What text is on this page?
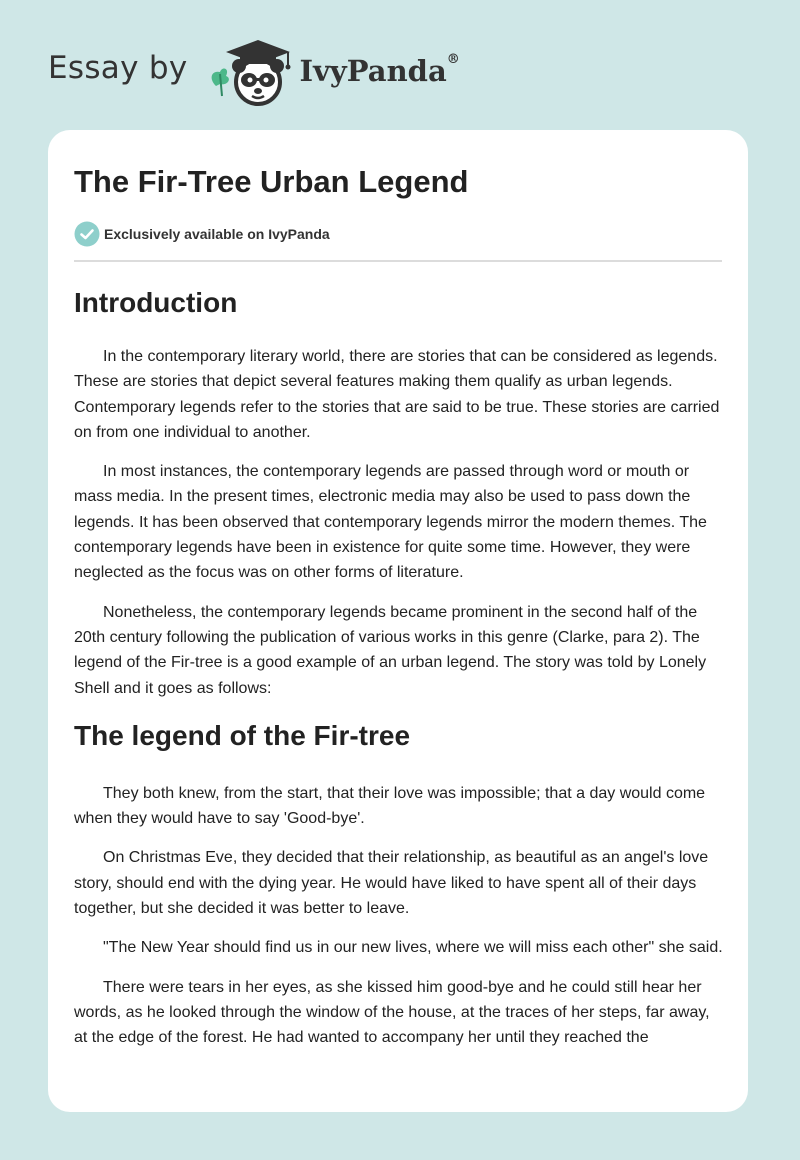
Essay by	IvyPanda®
The Fir-Tree Urban Legend
Exclusively available on IvyPanda
Introduction

In the contemporary literary world, there are stories that can be considered as legends. These are stories that depict several features making them qualify as urban legends. Contemporary legends refer to the stories that are said to be true. These stories are carried on from one individual to another.

In most instances, the contemporary legends are passed through word or mouth or mass media. In the present times, electronic media may also be used to pass down the legends. It has been observed that contemporary legends mirror the modern themes. The contemporary legends have been in existence for quite some time. However, they were neglected as the focus was on other forms of literature.

Nonetheless, the contemporary legends became prominent in the second half of the 20th century following the publication of various works in this genre (Clarke, para 2). The legend of the Fir-tree is a good example of an urban legend. The story was told by Lonely Shell and it goes as follows:

The legend of the Fir-tree

They both knew, from the start, that their love was impossible; that a day would come when they would have to say 'Good-bye'.

On Christmas Eve, they decided that their relationship, as beautiful as an angel's love story, should end with the dying year. He would have liked to have spent all of their days together, but she decided it was better to leave.

"The New Year should find us in our new lives, where we will miss each other" she said.

There were tears in her eyes, as she kissed him good-bye and he could still hear her words, as he looked through the window of the house, at the traces of her steps, far away, at the edge of the forest. He had wanted to accompany her until they reached the
